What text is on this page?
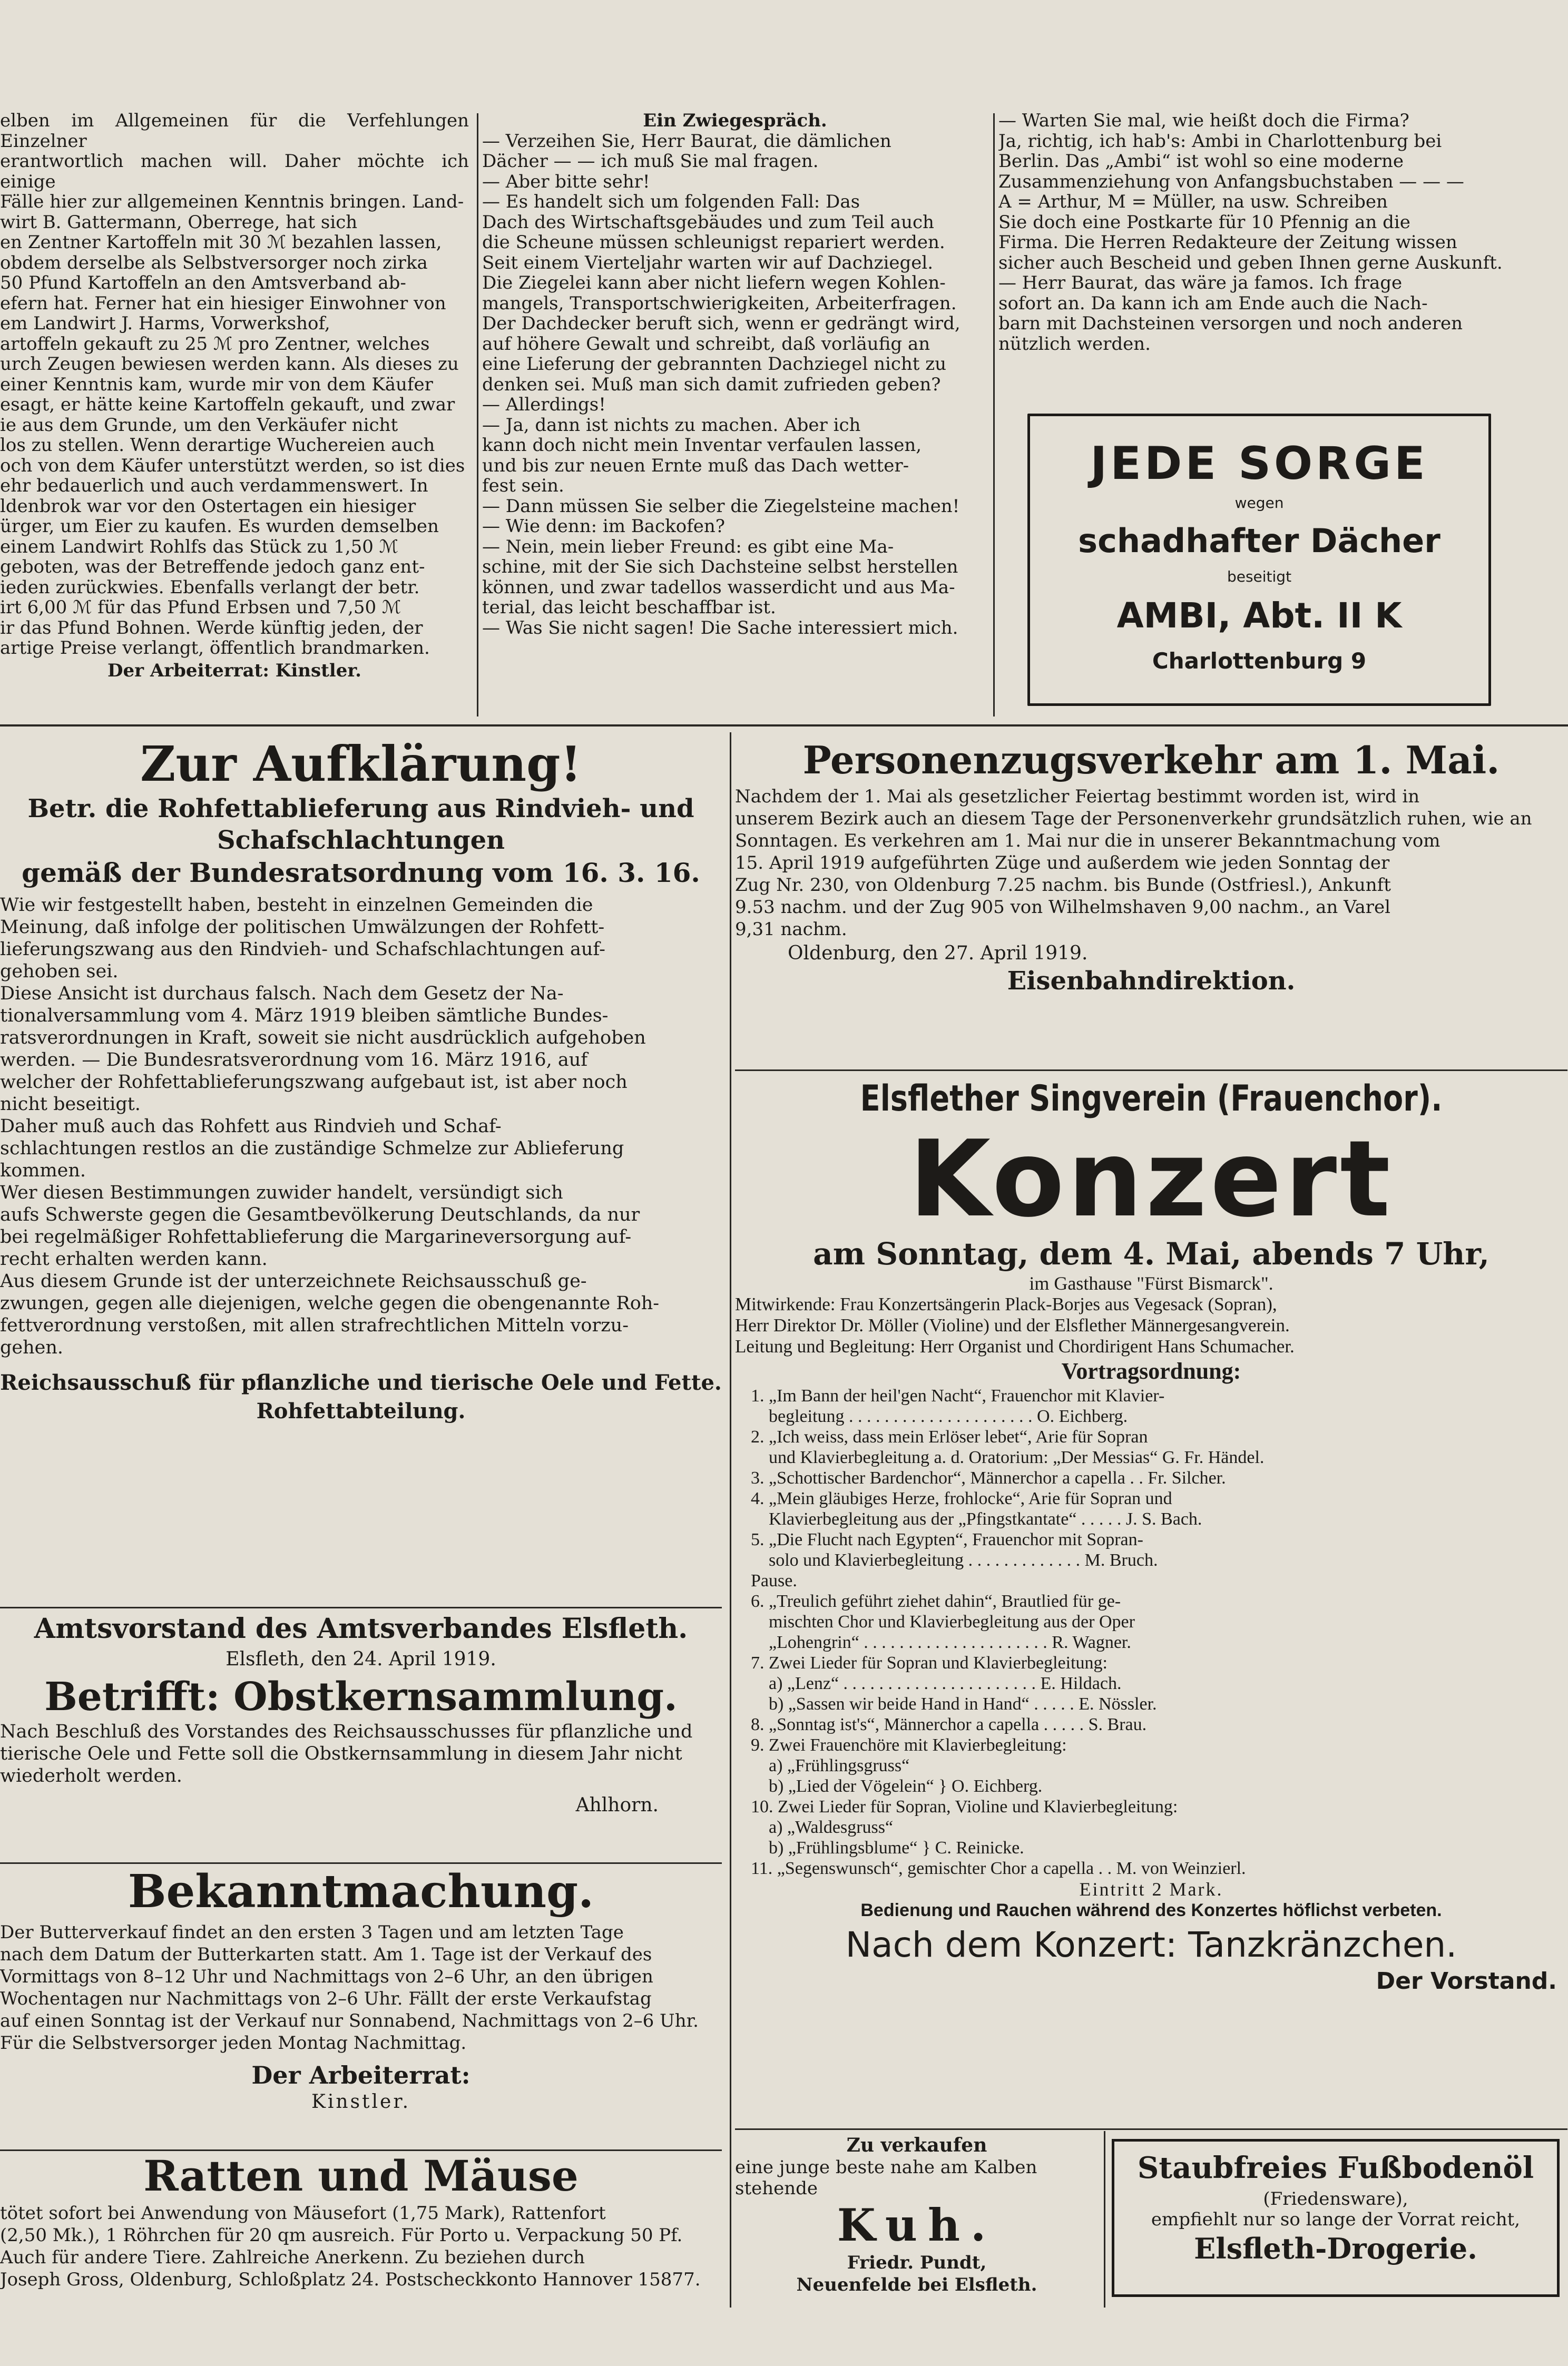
elben im Allgemeinen für die Verfehlungen Einzelner

erantwortlich machen will. Daher möchte ich einige

Fälle hier zur allgemeinen Kenntnis bringen. Land-

wirt B. Gattermann, Oberrege, hat sich

en Zentner Kartoffeln mit 30 ℳ bezahlen lassen,

obdem derselbe als Selbstversorger noch zirka

50 Pfund Kartoffeln an den Amtsverband ab-

efern hat. Ferner hat ein hiesiger Einwohner von

em Landwirt J. Harms, Vorwerkshof,

artoffeln gekauft zu 25 ℳ pro Zentner, welches

urch Zeugen bewiesen werden kann. Als dieses zu

einer Kenntnis kam, wurde mir von dem Käufer

esagt, er hätte keine Kartoffeln gekauft, und zwar

ie aus dem Grunde, um den Verkäufer nicht

los zu stellen. Wenn derartige Wuchereien auch

och von dem Käufer unterstützt werden, so ist dies

ehr bedauerlich und auch verdammenswert. In

ldenbrok war vor den Ostertagen ein hiesiger

ürger, um Eier zu kaufen. Es wurden demselben

einem Landwirt Rohlfs das Stück zu 1,50 ℳ

geboten, was der Betreffende jedoch ganz ent-

ieden zurückwies. Ebenfalls verlangt der betr.

irt 6,00 ℳ für das Pfund Erbsen und 7,50 ℳ

ir das Pfund Bohnen. Werde künftig jeden, der

artige Preise verlangt, öffentlich brandmarken.

Der Arbeiterrat: Kinstler.

Ein Zwiegespräch.

— Verzeihen Sie, Herr Baurat, die dämlichen

Dächer — — ich muß Sie mal fragen.

— Aber bitte sehr!

— Es handelt sich um folgenden Fall: Das

Dach des Wirtschaftsgebäudes und zum Teil auch

die Scheune müssen schleunigst repariert werden.

Seit einem Vierteljahr warten wir auf Dachziegel.

Die Ziegelei kann aber nicht liefern wegen Kohlen-

mangels, Transportschwierigkeiten, Arbeiterfragen.

Der Dachdecker beruft sich, wenn er gedrängt wird,

auf höhere Gewalt und schreibt, daß vorläufig an

eine Lieferung der gebrannten Dachziegel nicht zu

denken sei. Muß man sich damit zufrieden geben?

— Allerdings!

— Ja, dann ist nichts zu machen. Aber ich

kann doch nicht mein Inventar verfaulen lassen,

und bis zur neuen Ernte muß das Dach wetter-

fest sein.

— Dann müssen Sie selber die Ziegelsteine machen!

— Wie denn: im Backofen?

— Nein, mein lieber Freund: es gibt eine Ma-

schine, mit der Sie sich Dachsteine selbst herstellen

können, und zwar tadellos wasserdicht und aus Ma-

terial, das leicht beschaffbar ist.

— Was Sie nicht sagen! Die Sache interessiert mich.

— Warten Sie mal, wie heißt doch die Firma?

Ja, richtig, ich hab's: Ambi in Charlottenburg bei

Berlin. Das „Ambi“ ist wohl so eine moderne

Zusammenziehung von Anfangsbuchstaben — — —

A = Arthur, M = Müller, na usw. Schreiben

Sie doch eine Postkarte für 10 Pfennig an die

Firma. Die Herren Redakteure der Zeitung wissen

sicher auch Bescheid und geben Ihnen gerne Auskunft.

— Herr Baurat, das wäre ja famos. Ich frage

sofort an. Da kann ich am Ende auch die Nach-

barn mit Dachsteinen versorgen und noch anderen

nützlich werden.

JEDE SORGE
wegen
schadhafter Dächer
beseitigt
AMBI, Abt. II K
Charlottenburg 9
Zur Aufklärung!
Betr. die Rohfettablieferung aus Rindvieh- und
Schafschlachtungen
gemäß der Bundesratsordnung vom 16. 3. 16.

Wie wir festgestellt haben, besteht in einzelnen Gemeinden die

Meinung, daß infolge der politischen Umwälzungen der Rohfett-

lieferungszwang aus den Rindvieh- und Schafschlachtungen auf-

gehoben sei.

Diese Ansicht ist durchaus falsch. Nach dem Gesetz der Na-

tionalversammlung vom 4. März 1919 bleiben sämtliche Bundes-

ratsverordnungen in Kraft, soweit sie nicht ausdrücklich aufgehoben

werden. — Die Bundesratsverordnung vom 16. März 1916, auf

welcher der Rohfettablieferungszwang aufgebaut ist, ist aber noch

nicht beseitigt.

Daher muß auch das Rohfett aus Rindvieh und Schaf-

schlachtungen restlos an die zuständige Schmelze zur Ablieferung

kommen.

Wer diesen Bestimmungen zuwider handelt, versündigt sich

aufs Schwerste gegen die Gesamtbevölkerung Deutschlands, da nur

bei regelmäßiger Rohfettablieferung die Margarineversorgung auf-

recht erhalten werden kann.

Aus diesem Grunde ist der unterzeichnete Reichsausschuß ge-

zwungen, gegen alle diejenigen, welche gegen die obengenannte Roh-

fettverordnung verstoßen, mit allen strafrechtlichen Mitteln vorzu-

gehen.

Reichsausschuß für pflanzliche und tierische Oele und Fette.
Rohfettabteilung.
Amtsvorstand des Amtsverbandes Elsfleth.
Elsfleth, den 24. April 1919.
Betrifft: Obstkernsammlung.

Nach Beschluß des Vorstandes des Reichsausschusses für pflanzliche und

tierische Oele und Fette soll die Obstkernsammlung in diesem Jahr nicht

wiederholt werden.

Ahlhorn.
Bekanntmachung.

Der Butterverkauf findet an den ersten 3 Tagen und am letzten Tage

nach dem Datum der Butterkarten statt. Am 1. Tage ist der Verkauf des

Vormittags von 8–12 Uhr und Nachmittags von 2–6 Uhr, an den übrigen

Wochentagen nur Nachmittags von 2–6 Uhr. Fällt der erste Verkaufstag

auf einen Sonntag ist der Verkauf nur Sonnabend, Nachmittags von 2–6 Uhr.

Für die Selbstversorger jeden Montag Nachmittag.

Der Arbeiterrat:
Kinstler.
Ratten und Mäuse

tötet sofort bei Anwendung von Mäusefort (1,75 Mark), Rattenfort

(2,50 Mk.), 1 Röhrchen für 20 qm ausreich. Für Porto u. Verpackung 50 Pf.

Auch für andere Tiere. Zahlreiche Anerkenn. Zu beziehen durch

Joseph Gross, Oldenburg, Schloßplatz 24. Postscheckkonto Hannover 15877.

Personenzugsverkehr am 1. Mai.

Nachdem der 1. Mai als gesetzlicher Feiertag bestimmt worden ist, wird in

unserem Bezirk auch an diesem Tage der Personenverkehr grundsätzlich ruhen, wie an

Sonntagen. Es verkehren am 1. Mai nur die in unserer Bekanntmachung vom

15. April 1919 aufgeführten Züge und außerdem wie jeden Sonntag der

Zug Nr. 230, von Oldenburg 7.25 nachm. bis Bunde (Ostfriesl.), Ankunft

9.53 nachm. und der Zug 905 von Wilhelmshaven 9,00 nachm., an Varel

9,31 nachm.

Oldenburg, den 27. April 1919.
Eisenbahndirektion.
Elsflether Singverein (Frauenchor).
Konzert
am Sonntag, dem 4. Mai, abends 7 Uhr,
im Gasthause "Fürst Bismarck".
Mitwirkende: Frau Konzertsängerin Plack-Borjes aus Vegesack (Sopran),
Herr Direktor Dr. Möller (Violine) und der Elsflether Männergesangverein.
Leitung und Begleitung: Herr Organist und Chordirigent Hans Schumacher.
Vortragsordnung:

1. „Im Bann der heil'gen Nacht“, Frauenchor mit Klavier-

begleitung . . . . . . . . . . . . . . . . . . . . . O. Eichberg.

2. „Ich weiss, dass mein Erlöser lebet“, Arie für Sopran

und Klavierbegleitung a. d. Oratorium: „Der Messias“ G. Fr. Händel.

3. „Schottischer Bardenchor“, Männerchor a capella . . Fr. Silcher.

4. „Mein gläubiges Herze, frohlocke“, Arie für Sopran und

Klavierbegleitung aus der „Pfingstkantate“ . . . . . J. S. Bach.

5. „Die Flucht nach Egypten“, Frauenchor mit Sopran-

solo und Klavierbegleitung . . . . . . . . . . . . . M. Bruch.

Pause.

6. „Treulich geführt ziehet dahin“, Brautlied für ge-

mischten Chor und Klavierbegleitung aus der Oper

„Lohengrin“ . . . . . . . . . . . . . . . . . . . . . R. Wagner.

7. Zwei Lieder für Sopran und Klavierbegleitung:

a) „Lenz“ . . . . . . . . . . . . . . . . . . . . . . E. Hildach.

b) „Sassen wir beide Hand in Hand“ . . . . . E. Nössler.

8. „Sonntag ist's“, Männerchor a capella . . . . . S. Brau.

9. Zwei Frauenchöre mit Klavierbegleitung:

a) „Frühlingsgruss“

b) „Lied der Vögelein“ } O. Eichberg.

10. Zwei Lieder für Sopran, Violine und Klavierbegleitung:

a) „Waldesgruss“

b) „Frühlingsblume“ } C. Reinicke.

11. „Segenswunsch“, gemischter Chor a capella . . M. von Weinzierl.

Eintritt 2 Mark.
Bedienung und Rauchen während des Konzertes höflichst verbeten.
Nach dem Konzert: Tanzkränzchen.
Der Vorstand.
Zu verkaufen

eine junge beste nahe am Kalben

stehende

Kuh.
Friedr. Pundt,
Neuenfelde bei Elsfleth.
Staubfreies Fußbodenöl
(Friedensware),
empfiehlt nur so lange der Vorrat reicht,
Elsfleth-Drogerie.
